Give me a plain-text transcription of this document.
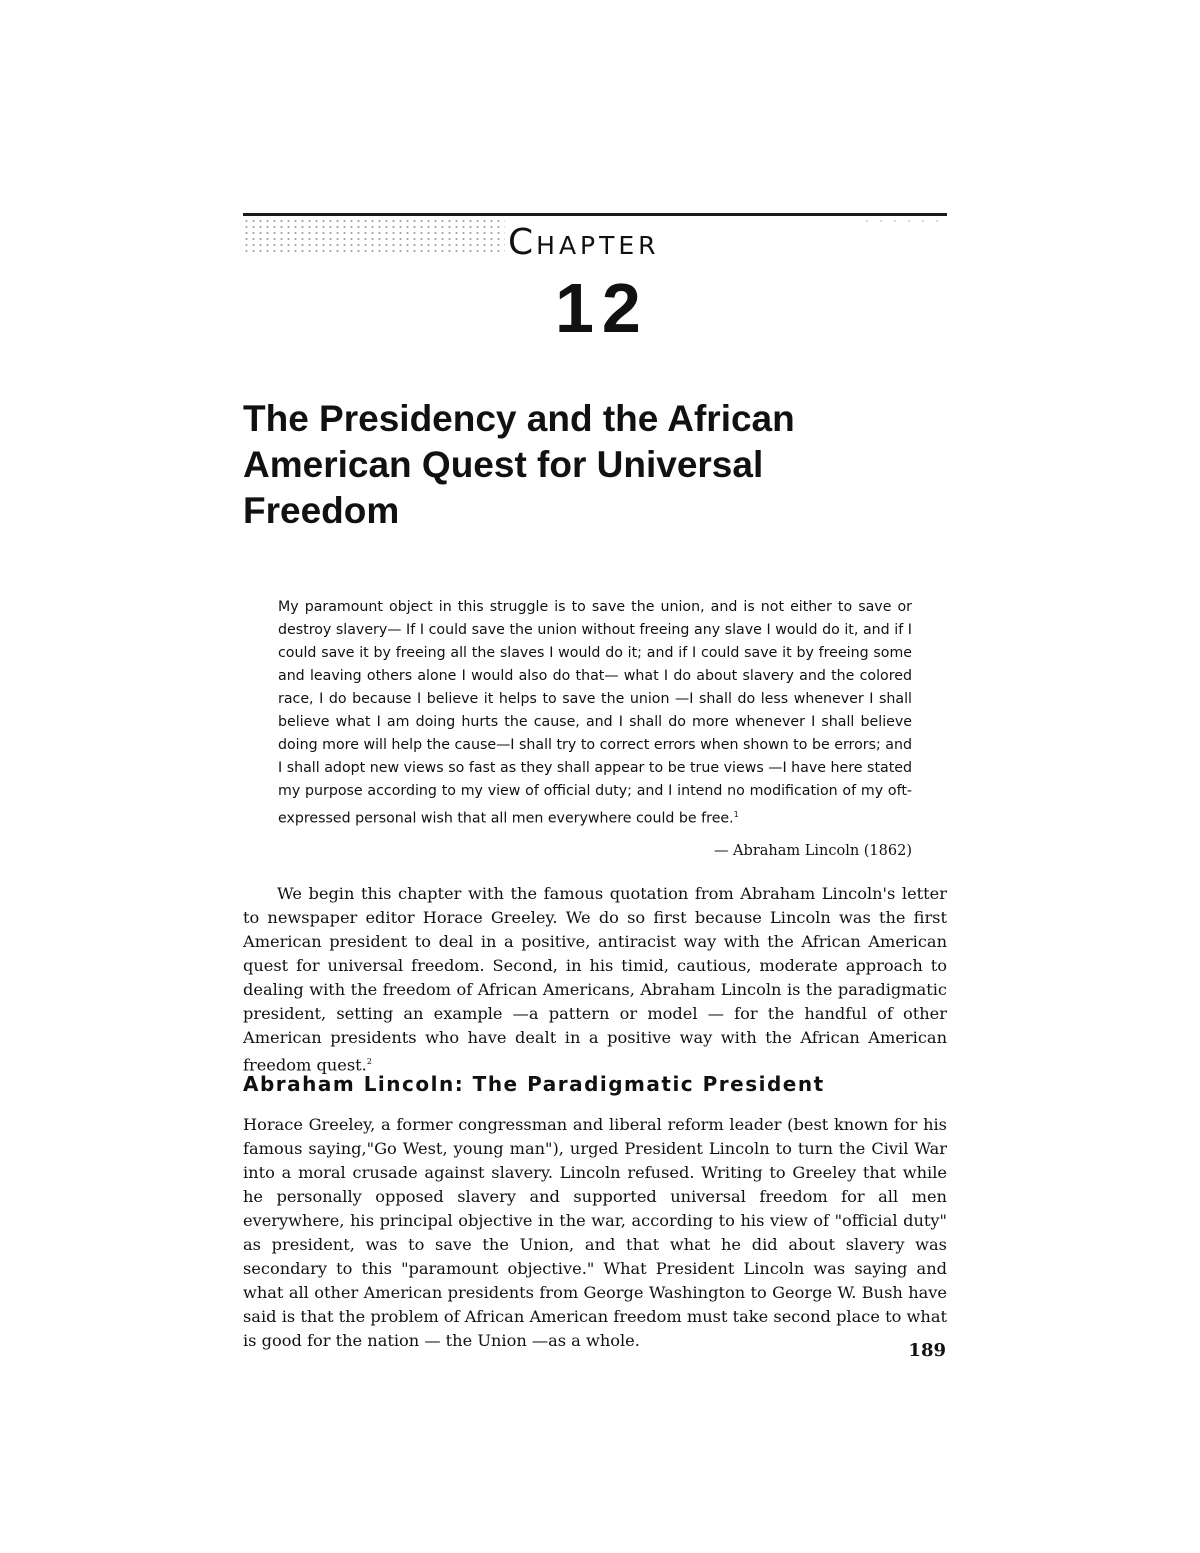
CHAPTER
12
The Presidency and the African American Quest for Universal Freedom

My paramount object in this struggle is to save the union, and is not either to save or destroy slavery— If I could save the union without freeing any slave I would do it, and if I could save it by freeing all the slaves I would do it; and if I could save it by freeing some and leaving others alone I would also do that— what I do about slavery and the colored race, I do because I believe it helps to save the union —I shall do less whenever I shall believe what I am doing hurts the cause, and I shall do more whenever I shall believe doing more will help the cause—I shall try to correct errors when shown to be errors; and I shall adopt new views so fast as they shall appear to be true views —I have here stated my purpose according to my view of official duty; and I intend no modification of my oft-expressed personal wish that all men everywhere could be free.$^1$

— Abraham Lincoln (1862)

We begin this chapter with the famous quotation from Abraham Lincoln's letter to newspaper editor Horace Greeley. We do so first because Lincoln was the first American president to deal in a positive, antiracist way with the African American quest for universal freedom. Second, in his timid, cautious, moderate approach to dealing with the freedom of African Americans, Abraham Lincoln is the paradigmatic president, setting an example —a pattern or model — for the handful of other American presidents who have dealt in a positive way with the African American freedom quest.$^2$

Abraham Lincoln: The Paradigmatic President

Horace Greeley, a former congressman and liberal reform leader (best known for his famous saying,"Go West, young man"), urged President Lincoln to turn the Civil War into a moral crusade against slavery. Lincoln refused. Writing to Greeley that while he personally opposed slavery and supported universal freedom for all men everywhere, his principal objective in the war, according to his view of "official duty" as president, was to save the Union, and that what he did about slavery was secondary to this "paramount objective." What President Lincoln was saying and what all other American presidents from George Washington to George W. Bush have said is that the problem of African American freedom must take second place to what is good for the nation — the Union —as a whole.	189
